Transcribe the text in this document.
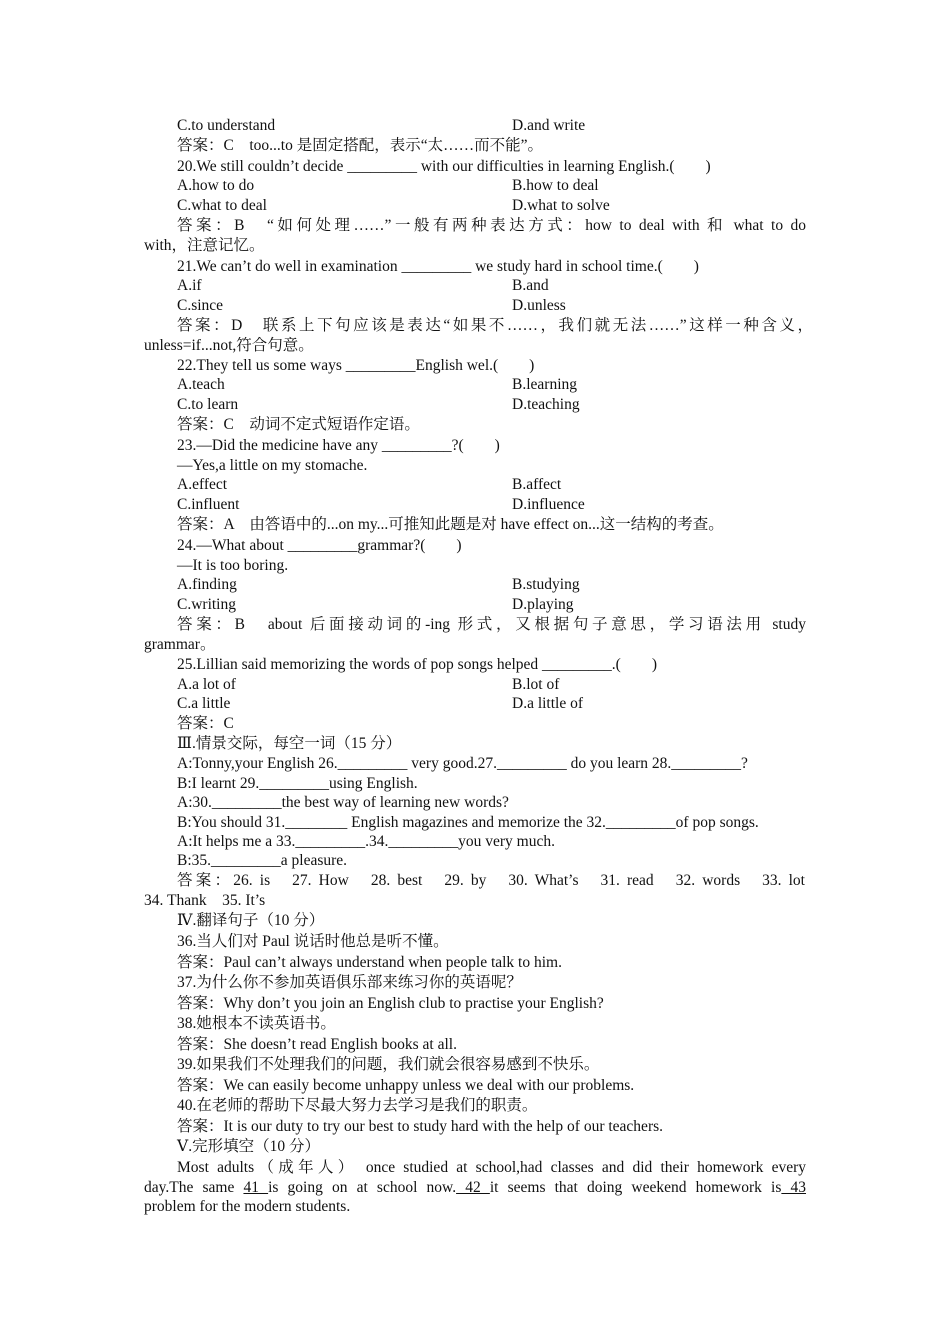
C.to understand	D.and write
答案：C　too...to 是固定搭配，表示“太……而不能”。
20.We still couldn’t decide _________ with our difficulties in learning English.(　　)
A.how to do	B.how to deal
C.what to deal	D.what to solve
答案：B　“如何处理……”一般有两种表达方式：how to deal with 和 what to do
with，注意记忆。
21.We can’t do well in examination _________ we study hard in school time.(　　)
A.if	B.and
C.since	D.unless
答案：D　联系上下句应该是表达“如果不……，我们就无法……”这样一种含义，
unless=if...not,符合句意。
22.They tell us some ways _________English wel.(　　)
A.teach	B.learning
C.to learn	D.teaching
答案：C　动词不定式短语作定语。
23.—Did the medicine have any _________?(　　)
—Yes,a little on my stomache.
A.effect	B.affect
C.influent	D.influence
答案：A　由答语中的...on my...可推知此题是对 have effect on...这一结构的考查。
24.—What about _________grammar?(　　)
—It is too boring.
A.finding	B.studying
C.writing	D.playing
答案：B　about 后面接动词的-ing 形式，又根据句子意思，学习语法用 study
grammar。
25.Lillian said memorizing the words of pop songs helped _________.(　　)
A.a lot of	B.lot of
C.a little	D.a little of
答案：C
Ⅲ.情景交际，每空一词（15 分）
A:Tonny,your English 26._________ very good.27._________ do you learn 28._________?
B:I learnt 29._________using English.
A:30._________the best way of learning new words?
B:You should 31.________ English magazines and memorize the 32._________of pop songs.
A:It helps me a 33._________.34._________you very much.
B:35._________a pleasure.
答案：26. is　27. How　28. best　29. by　30. What’s　31. read　32. words　33. lot
34. Thank　35. It’s
Ⅳ.翻译句子（10 分）
36.当人们对 Paul 说话时他总是听不懂。
答案：Paul can’t always understand when people talk to him.
37.为什么你不参加英语俱乐部来练习你的英语呢？
答案：Why don’t you join an English club to practise your English?
38.她根本不读英语书。
答案：She doesn’t read English books at all.
39.如果我们不处理我们的问题，我们就会很容易感到不快乐。
答案：We can easily become unhappy unless we deal with our problems.
40.在老师的帮助下尽最大努力去学习是我们的职责。
答案：It is our duty to try our best to study hard with the help of our teachers.
Ⅴ.完形填空（10 分）
Most adults（成年人） once studied at school,had classes and did their homework every
day.The same 41 is going on at school now. 42 it seems that doing weekend homework is 43
problem for the modern students.
